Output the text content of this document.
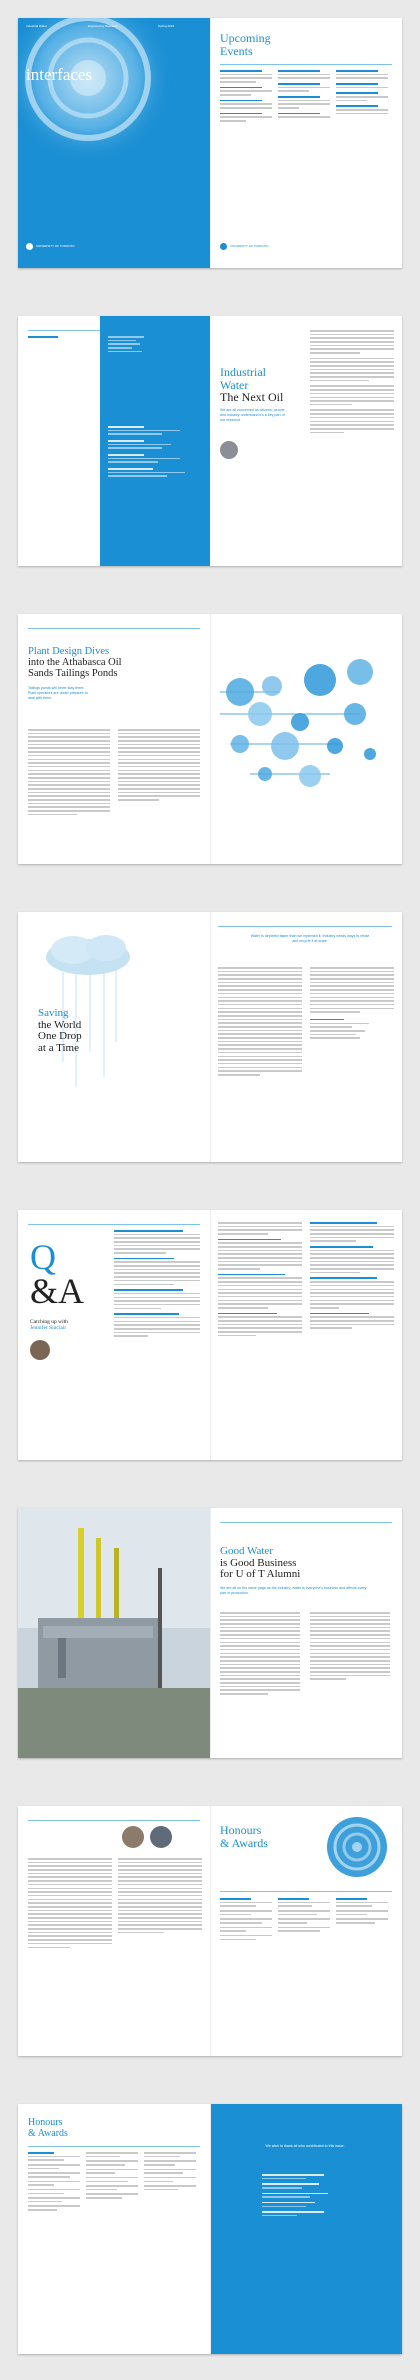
Industrial Water	Engineering Research	Spring 2016
interfaces
UNIVERSITY OF TORONTO
Upcoming
Events
UNIVERSITY OF TORONTO
Industrial
Water
The Next Oil
We are all concerned as citizens; people and industry understand it's a key part of our resource.
Plant Design Dives
into the Athabasca Oil
Sands Tailings Ponds
Tailings ponds will never stay there. Plant operators are under pressure to deal with them.
Saving
the World
One Drop
at a Time
Water is depleted faster than we replenish it. Industry needs ways to reuse and recycle it at scale.
Q
&A
Catching up with
Jennifer Sinclair
Good Water
is Good Business
for U of T Alumni
We are all on the same page as the industry; water is everyone's business and affects every part of production.
Honours
& Awards
Honours
& Awards
We wish to thank all who contributed to this issue.
